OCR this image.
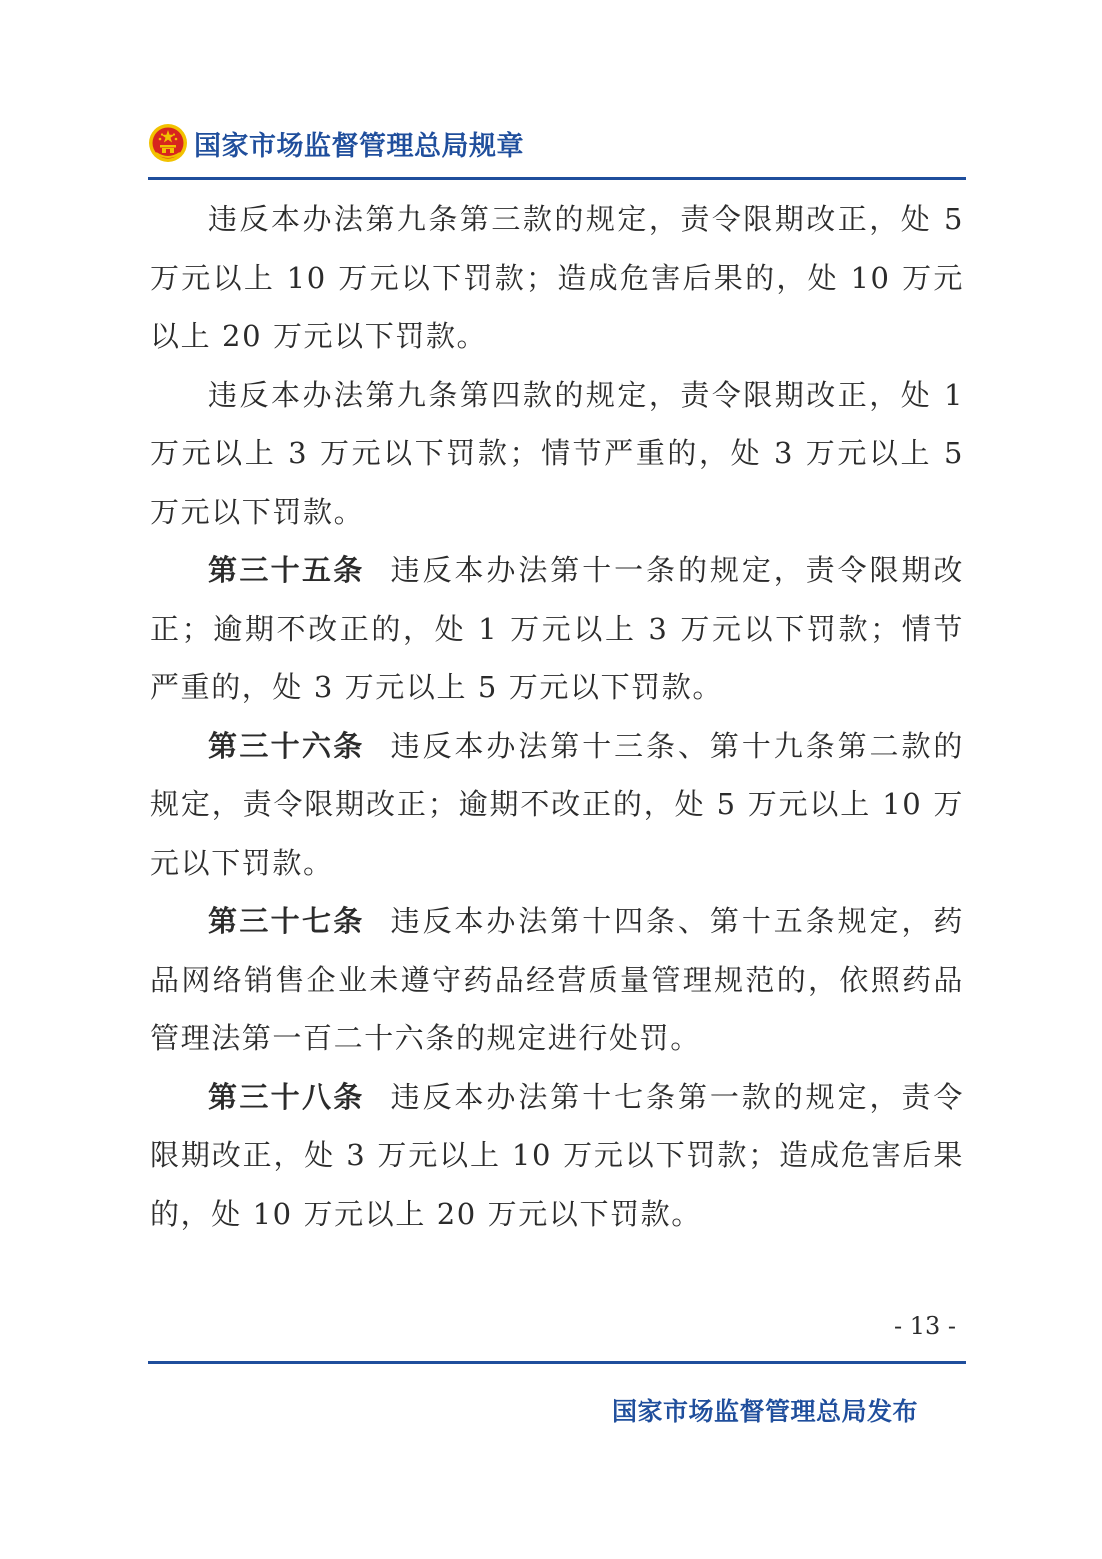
国家市场监督管理总局规章

违反本办法第九条第三款的规定，责令限期改正，处 5 万元以上 10 万元以下罚款；造成危害后果的，处 10 万元以上 20 万元以下罚款。

违反本办法第九条第四款的规定，责令限期改正，处 1 万元以上 3 万元以下罚款；情节严重的，处 3 万元以上 5 万元以下罚款。

第三十五条 违反本办法第十一条的规定，责令限期改正；逾期不改正的，处 1 万元以上 3 万元以下罚款；情节严重的，处 3 万元以上 5 万元以下罚款。

第三十六条 违反本办法第十三条、第十九条第二款的规定，责令限期改正；逾期不改正的，处 5 万元以上 10 万元以下罚款。

第三十七条 违反本办法第十四条、第十五条规定，药品网络销售企业未遵守药品经营质量管理规范的，依照药品管理法第一百二十六条的规定进行处罚。

第三十八条 违反本办法第十七条第一款的规定，责令限期改正，处 3 万元以上 10 万元以下罚款；造成危害后果的，处 10 万元以上 20 万元以下罚款。

- 13 -
国家市场监督管理总局发布
